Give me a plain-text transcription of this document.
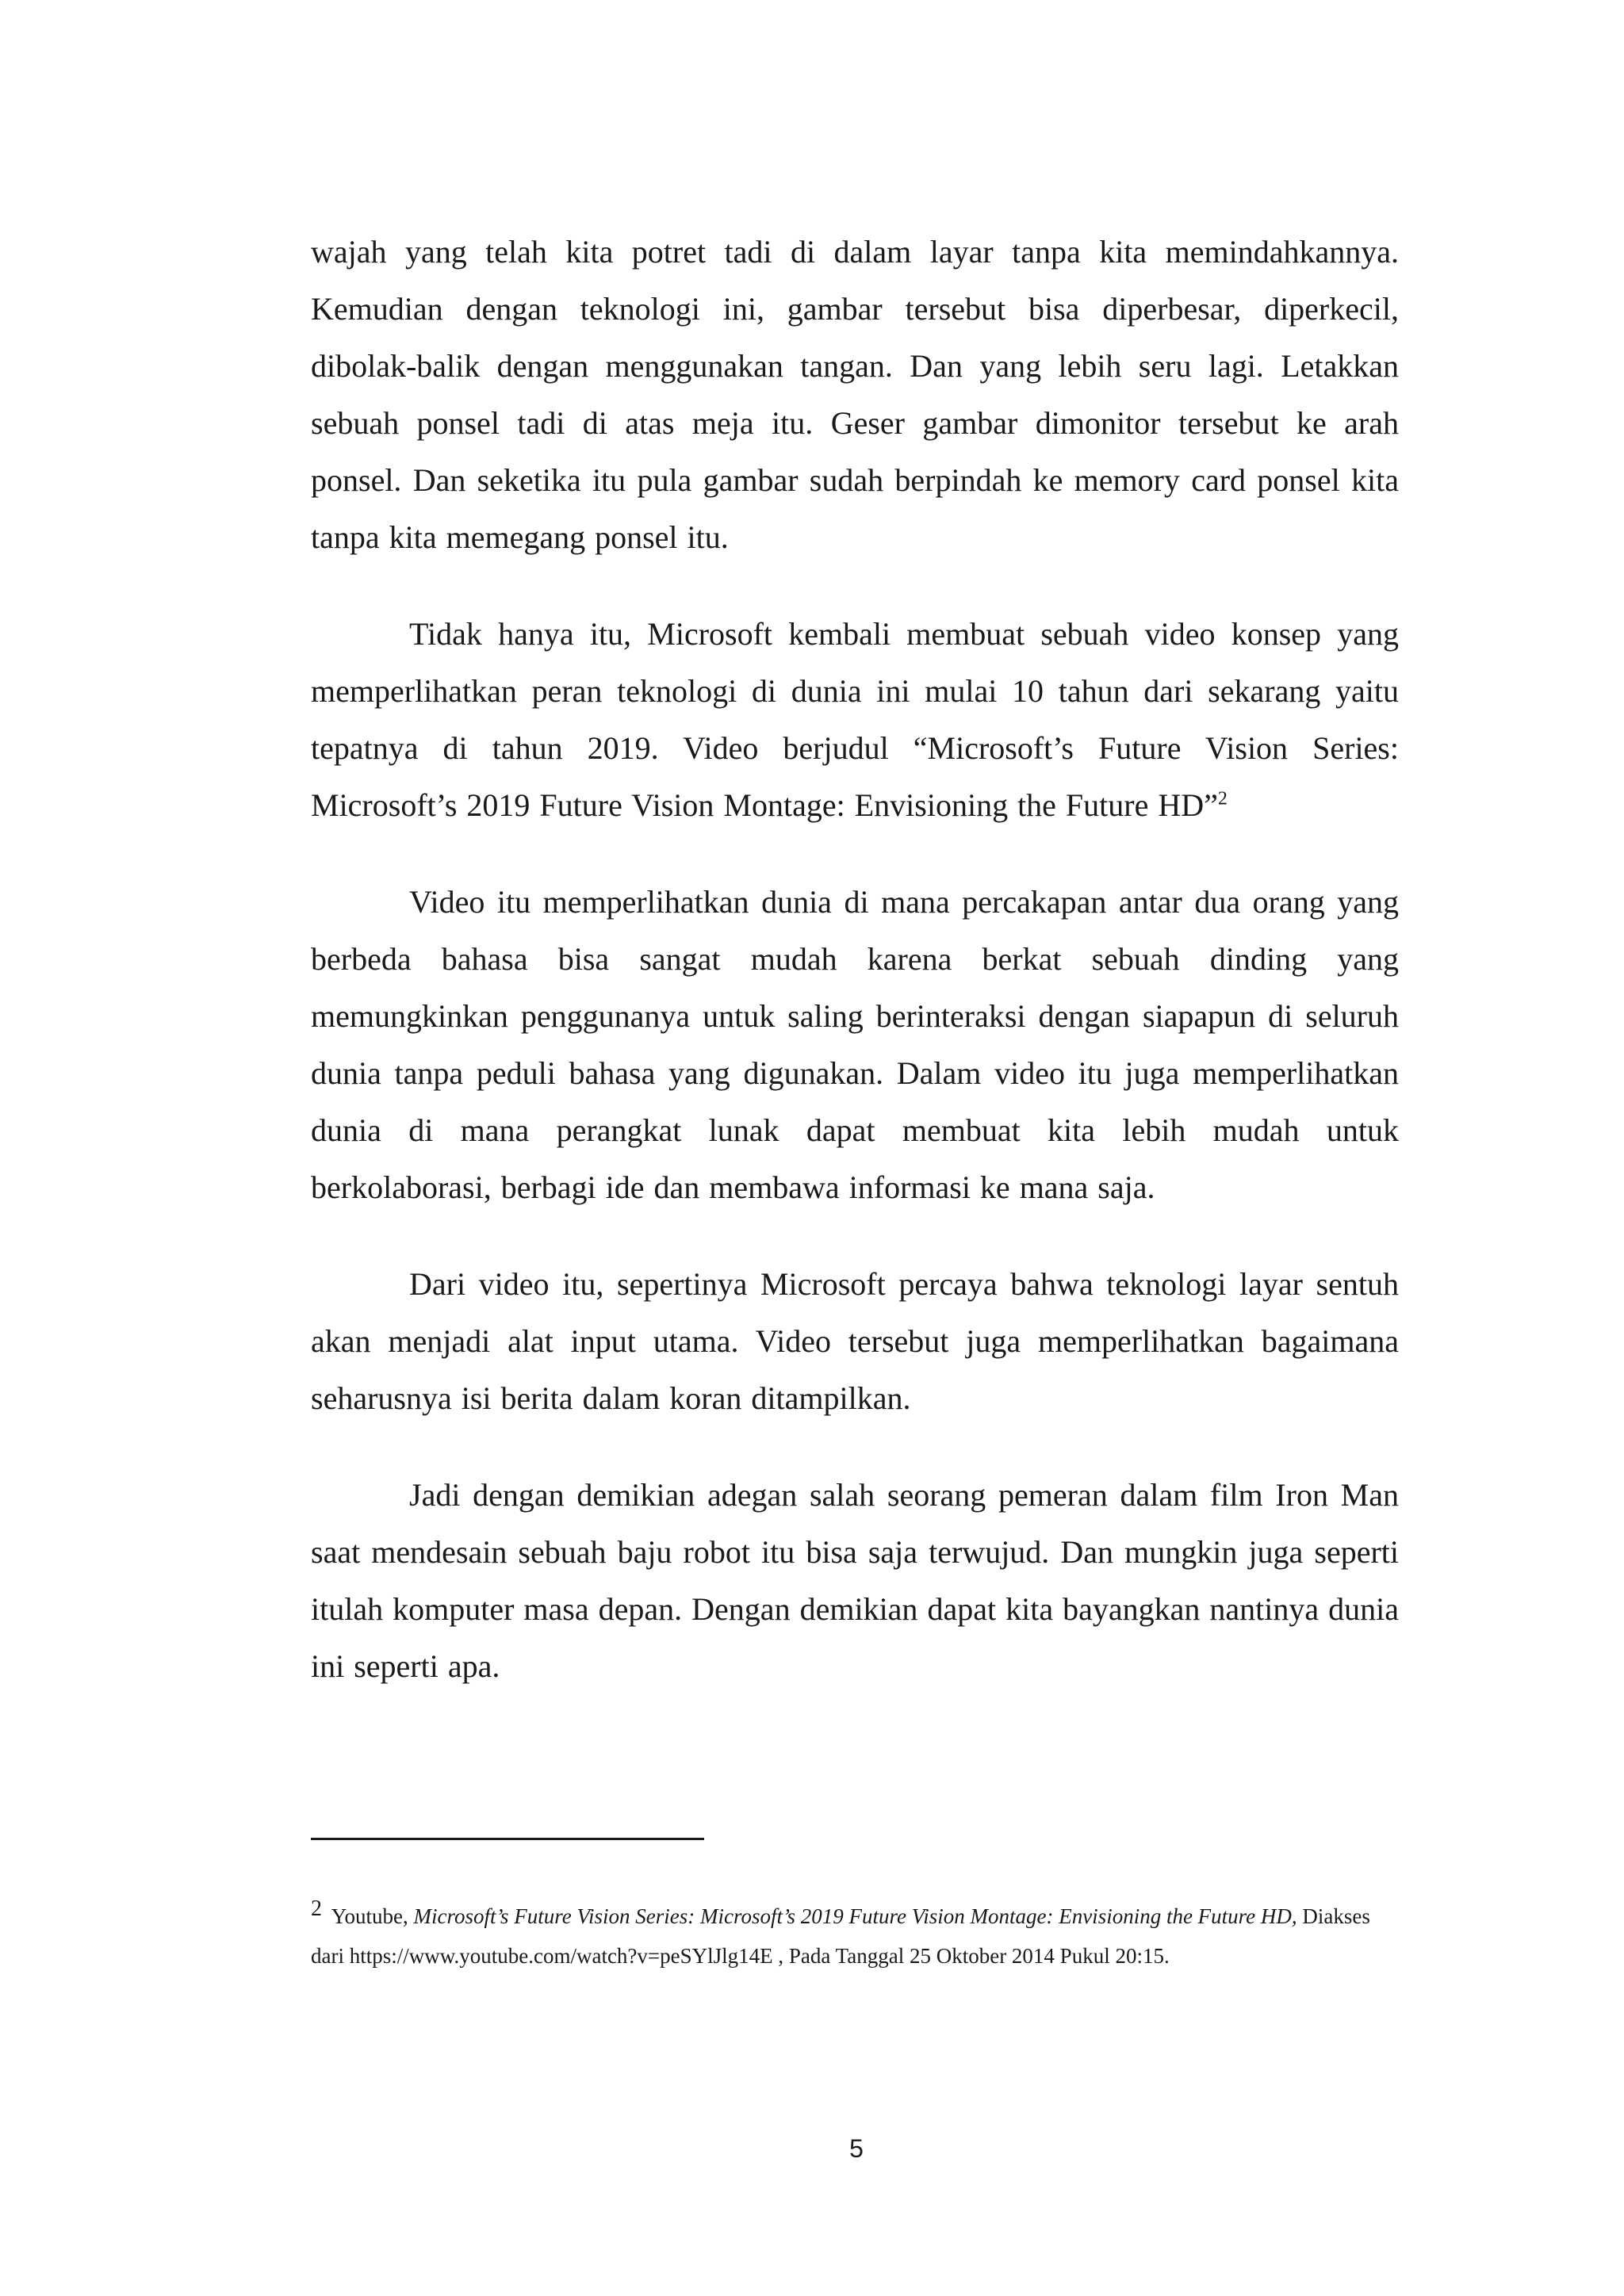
wajah yang telah kita potret tadi di dalam layar tanpa kita memindahkannya. Kemudian dengan teknologi ini, gambar tersebut bisa diperbesar, diperkecil, dibolak-balik dengan menggunakan tangan. Dan yang lebih seru lagi. Letakkan sebuah ponsel tadi di atas meja itu. Geser gambar dimonitor tersebut ke arah ponsel. Dan seketika itu pula gambar sudah berpindah ke memory card ponsel kita tanpa kita memegang ponsel itu.

Tidak hanya itu, Microsoft kembali membuat sebuah video konsep yang memperlihatkan peran teknologi di dunia ini mulai 10 tahun dari sekarang yaitu tepatnya di tahun 2019. Video berjudul “Microsoft’s Future Vision Series: Microsoft’s 2019 Future Vision Montage: Envisioning the Future HD”$^2$

Video itu memperlihatkan dunia di mana percakapan antar dua orang yang berbeda bahasa bisa sangat mudah karena berkat sebuah dinding yang memungkinkan penggunanya untuk saling berinteraksi dengan siapapun di seluruh dunia tanpa peduli bahasa yang digunakan. Dalam video itu juga memperlihatkan dunia di mana perangkat lunak dapat membuat kita lebih mudah untuk berkolaborasi, berbagi ide dan membawa informasi ke mana saja.

Dari video itu, sepertinya Microsoft percaya bahwa teknologi layar sentuh akan menjadi alat input utama. Video tersebut juga memperlihatkan bagaimana seharusnya isi berita dalam koran ditampilkan.

Jadi dengan demikian adegan salah seorang pemeran dalam film Iron Man saat mendesain sebuah baju robot itu bisa saja terwujud. Dan mungkin juga seperti itulah komputer masa depan. Dengan demikian dapat kita bayangkan nantinya dunia ini seperti apa.

2 Youtube, Microsoft’s Future Vision Series: Microsoft’s 2019 Future Vision Montage: Envisioning the Future HD, Diakses dari https://www.youtube.com/watch?v=peSYlJlg14E , Pada Tanggal 25 Oktober 2014 Pukul 20:15.
5
